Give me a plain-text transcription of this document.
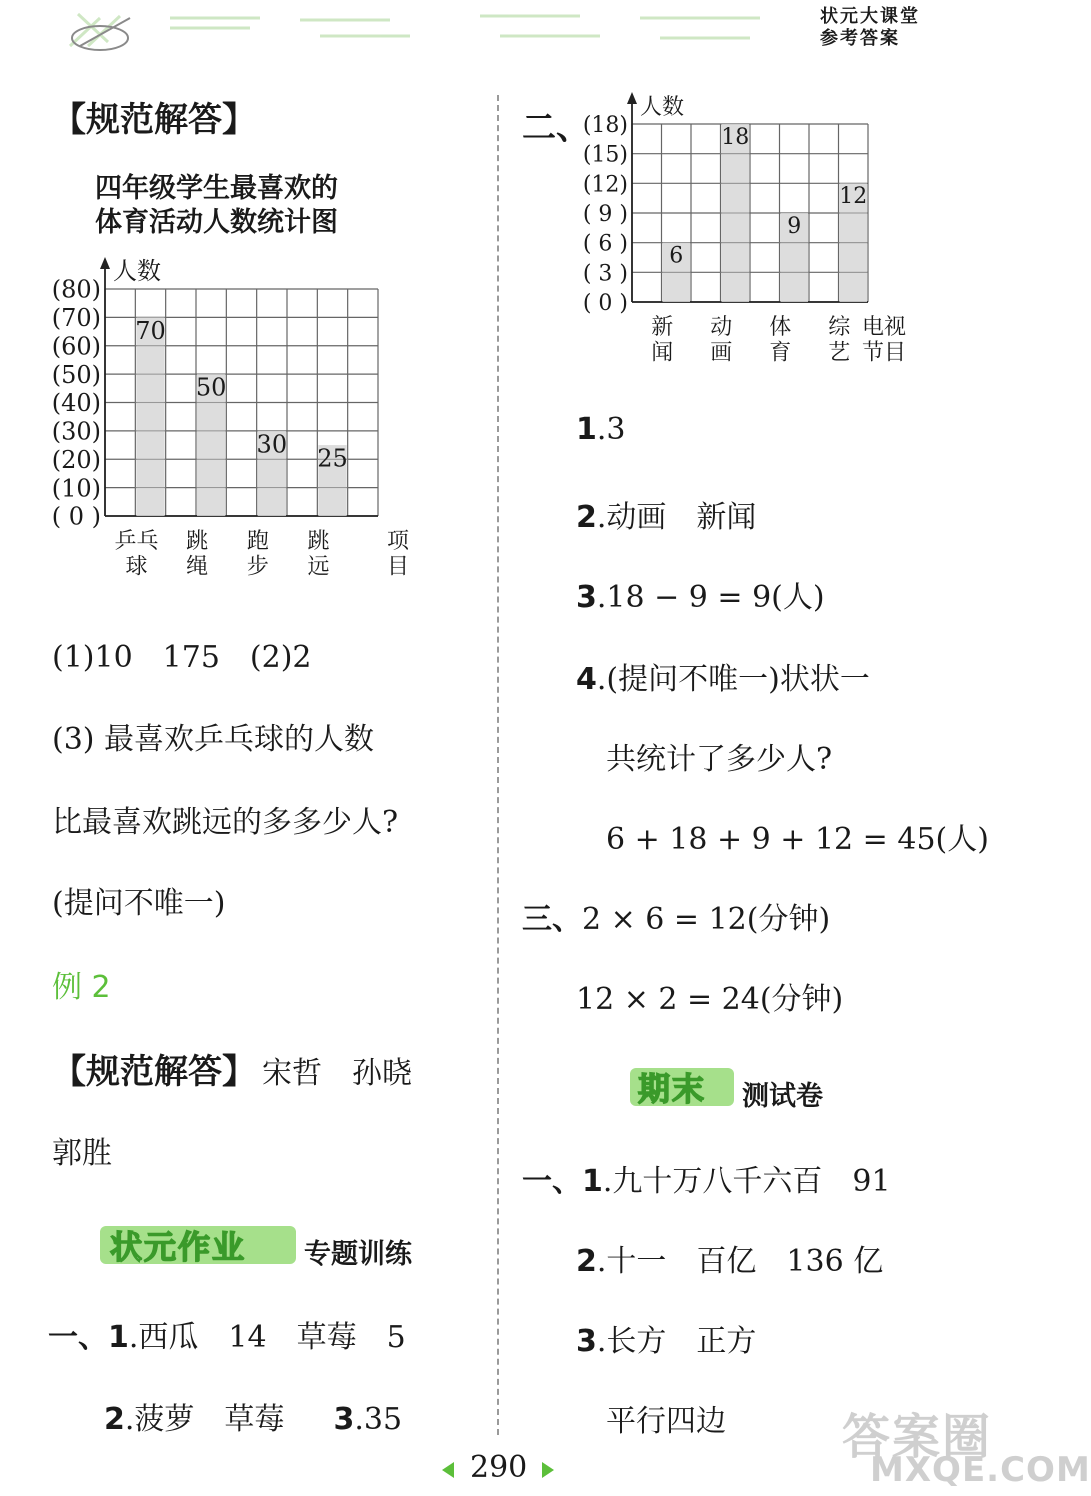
状元大课堂
参考答案
【规范解答】
四年级学生最喜欢的
体育活动人数统计图
人数
(80)
(70)
(60)
(50)
(40)
(30)
(20)
(10)
( 0 )
70
乒乓
球
50
跳
绳
30
跑
步
25
跳
远
项
目
(1)10　175　(2)2
(3) 最喜欢乒乓球的人数
比最喜欢跳远的多多少人?
(提问不唯一)
例 2
【规范解答】 宋哲　孙晓
郭胜
状元作业 专题训练
一、1.西瓜　14　草莓　5
2.菠萝　草莓 3.35
二、
人数
(18)
(15)
(12)
( 9 )
( 6 )
( 3 )
( 0 )
6
新
闻
18
动
画
9
体
育
12
综
艺
电视
节目
1.3
2.动画　新闻
3.18 − 9 = 9(人)
4.(提问不唯一)状状一
共统计了多少人?
6 + 18 + 9 + 12 = 45(人)
三、2 × 6 = 12(分钟)
12 × 2 = 24(分钟)
期末 测试卷
一、1.九十万八千六百　91
2.十一　百亿　136 亿
3.长方　正方
平行四边
290
答案圈
MXQE.COM
